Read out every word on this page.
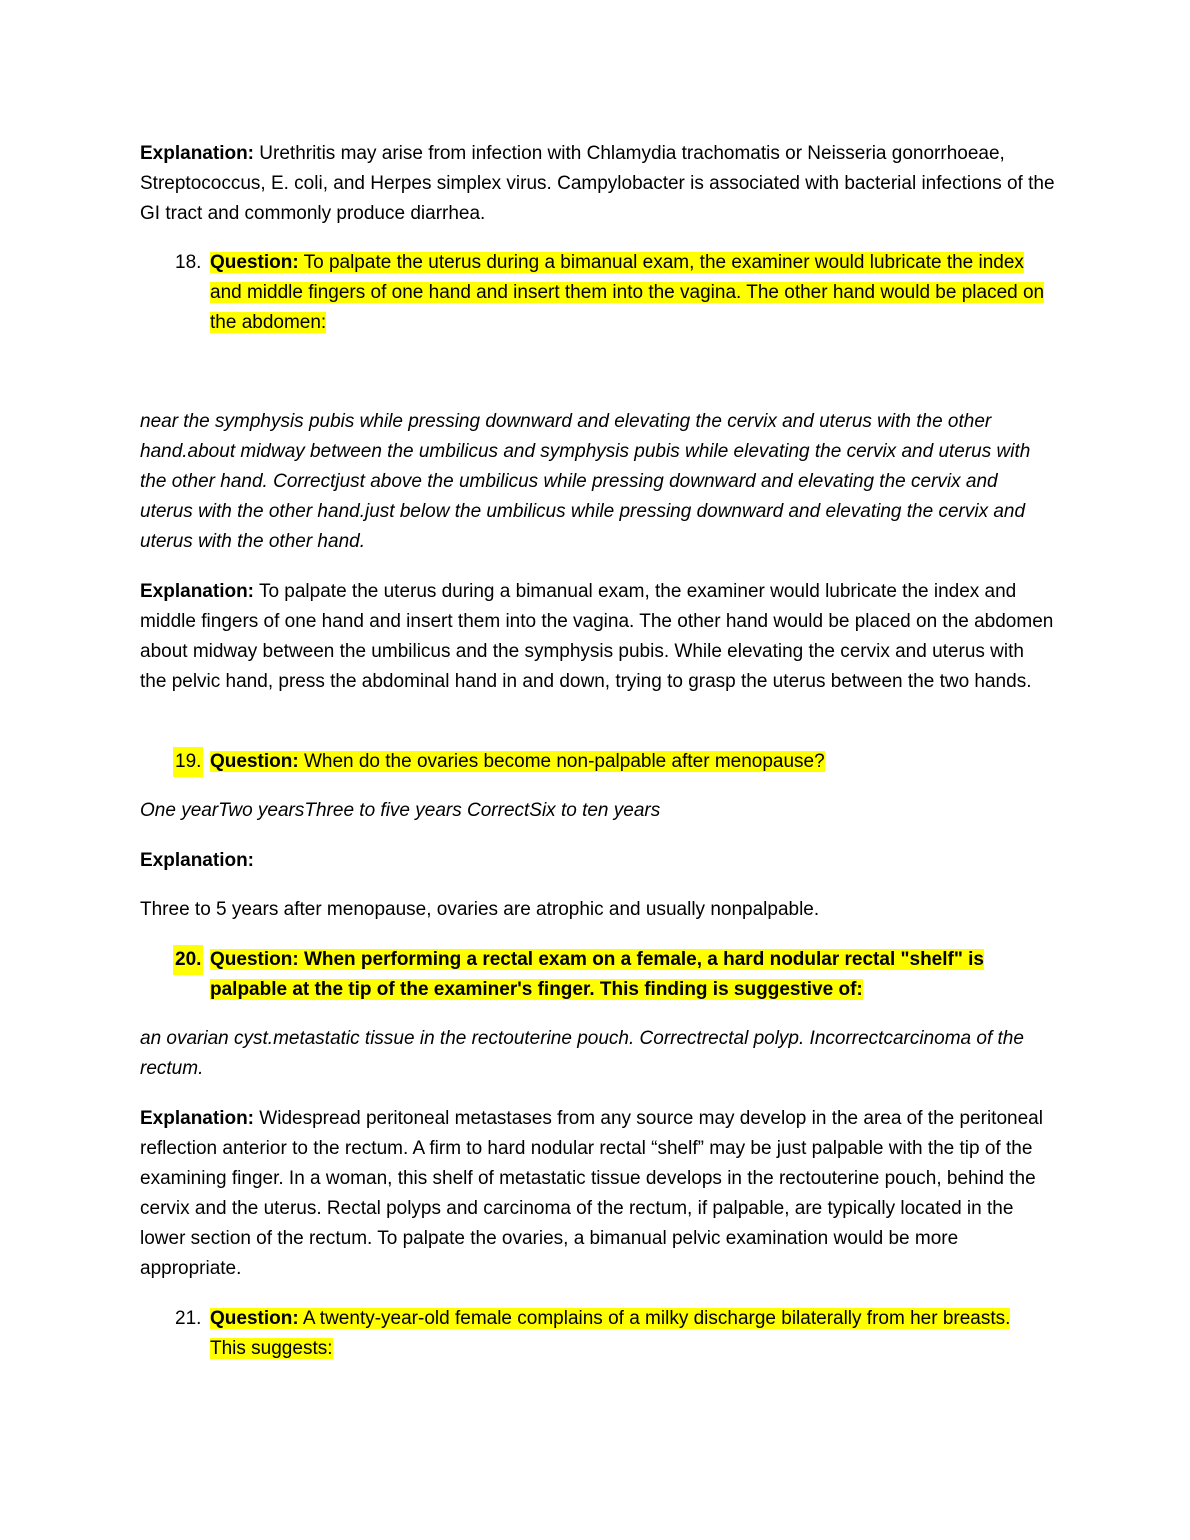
Explanation: Urethritis may arise from infection with Chlamydia trachomatis or Neisseria gonorrhoeae, Streptococcus, E. coli, and Herpes simplex virus. Campylobacter is associated with bacterial infections of the GI tract and commonly produce diarrhea.
18. Question: To palpate the uterus during a bimanual exam, the examiner would lubricate the index and middle fingers of one hand and insert them into the vagina. The other hand would be placed on the abdomen:
near the symphysis pubis while pressing downward and elevating the cervix and uterus with the other hand.about midway between the umbilicus and symphysis pubis while elevating the cervix and uterus with the other hand. Correctjust above the umbilicus while pressing downward and elevating the cervix and uterus with the other hand.just below the umbilicus while pressing downward and elevating the cervix and uterus with the other hand.
Explanation: To palpate the uterus during a bimanual exam, the examiner would lubricate the index and middle fingers of one hand and insert them into the vagina. The other hand would be placed on the abdomen about midway between the umbilicus and the symphysis pubis. While elevating the cervix and uterus with the pelvic hand, press the abdominal hand in and down, trying to grasp the uterus between the two hands.
19. Question: When do the ovaries become non-palpable after menopause?
One yearTwo yearsThree to five years CorrectSix to ten years
Explanation:
Three to 5 years after menopause, ovaries are atrophic and usually nonpalpable.
20. Question: When performing a rectal exam on a female, a hard nodular rectal "shelf" is palpable at the tip of the examiner's finger. This finding is suggestive of:
an ovarian cyst.metastatic tissue in the rectouterine pouch. Correctrectal polyp. Incorrectcarcinoma of the rectum.
Explanation: Widespread peritoneal metastases from any source may develop in the area of the peritoneal reflection anterior to the rectum. A firm to hard nodular rectal “shelf” may be just palpable with the tip of the examining finger. In a woman, this shelf of metastatic tissue develops in the rectouterine pouch, behind the cervix and the uterus. Rectal polyps and carcinoma of the rectum, if palpable, are typically located in the lower section of the rectum. To palpate the ovaries, a bimanual pelvic examination would be more appropriate.
21. Question: A twenty-year-old female complains of a milky discharge bilaterally from her breasts. This suggests:
